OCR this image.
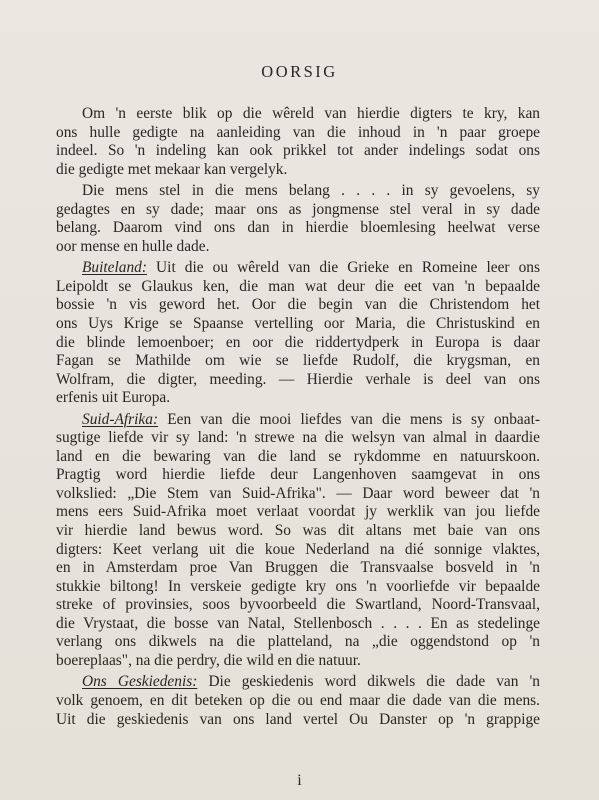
OORSIG
Om 'n eerste blik op die wêreld van hierdie digters te kry, kan
ons hulle gedigte na aanleiding van die inhoud in 'n paar groepe
indeel. So 'n indeling kan ook prikkel tot ander indelings sodat ons
die gedigte met mekaar kan vergelyk.
Die mens stel in die mens belang . . . . in sy gevoelens, sy
gedagtes en sy dade; maar ons as jongmense stel veral in sy dade
belang. Daarom vind ons dan in hierdie bloemlesing heelwat verse
oor mense en hulle dade.
Buiteland: Uit die ou wêreld van die Grieke en Romeine leer ons
Leipoldt se Glaukus ken, die man wat deur die eet van 'n bepaalde
bossie 'n vis geword het. Oor die begin van die Christendom het
ons Uys Krige se Spaanse vertelling oor Maria, die Christuskind en
die blinde lemoenboer; en oor die riddertydperk in Europa is daar
Fagan se Mathilde om wie se liefde Rudolf, die krygsman, en
Wolfram, die digter, meeding. — Hierdie verhale is deel van ons
erfenis uit Europa.
Suid-Afrika: Een van die mooi liefdes van die mens is sy onbaat-
sugtige liefde vir sy land: 'n strewe na die welsyn van almal in daardie
land en die bewaring van die land se rykdomme en natuurskoon.
Pragtig word hierdie liefde deur Langenhoven saamgevat in ons
volkslied: „Die Stem van Suid-Afrika". — Daar word beweer dat 'n
mens eers Suid-Afrika moet verlaat voordat jy werklik van jou liefde
vir hierdie land bewus word. So was dit altans met baie van ons
digters: Keet verlang uit die koue Nederland na dié sonnige vlaktes,
en in Amsterdam proe Van Bruggen die Transvaalse bosveld in 'n
stukkie biltong! In verskeie gedigte kry ons 'n voorliefde vir bepaalde
streke of provinsies, soos byvoorbeeld die Swartland, Noord-Transvaal,
die Vrystaat, die bosse van Natal, Stellenbosch . . . . En as stedelinge
verlang ons dikwels na die platteland, na „die oggendstond op 'n
boereplaas", na die perdry, die wild en die natuur.
Ons Geskiedenis: Die geskiedenis word dikwels die dade van 'n
volk genoem, en dit beteken op die ou end maar die dade van die mens.
Uit die geskiedenis van ons land vertel Ou Danster op 'n grappige
i
